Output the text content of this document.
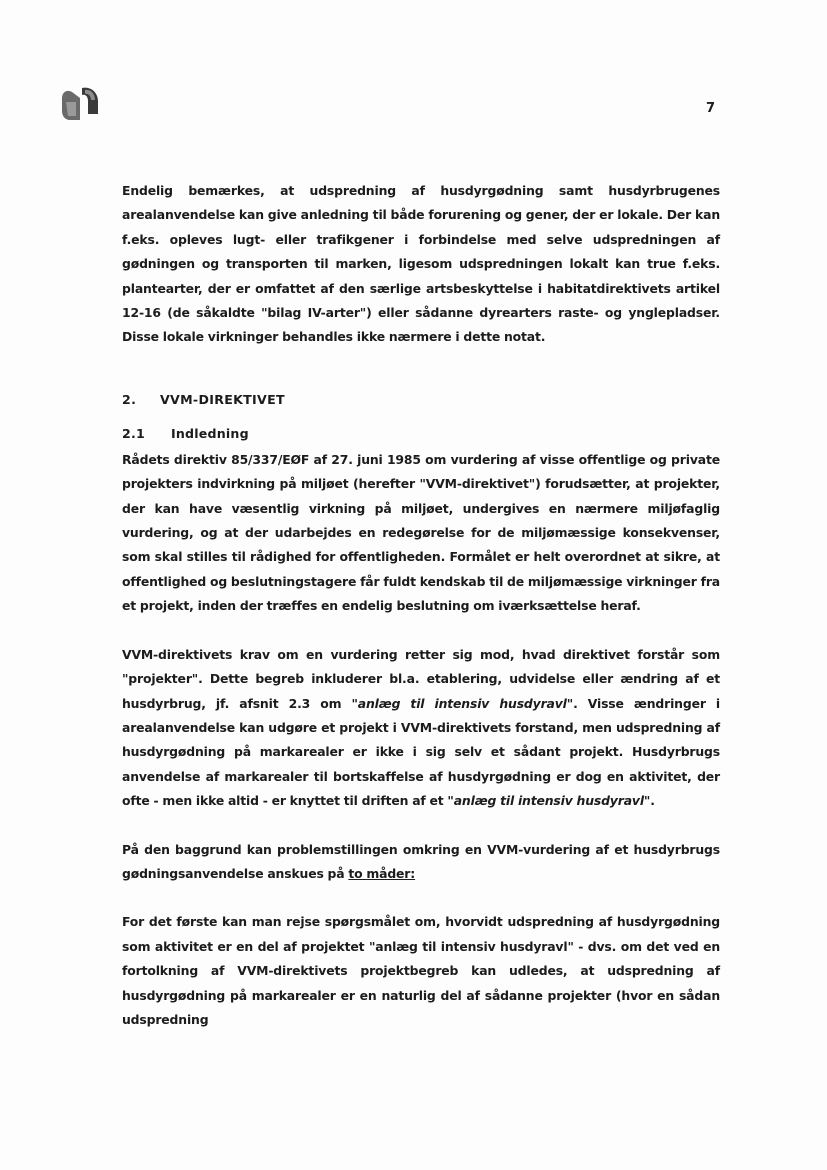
7

Endelig bemærkes, at udspredning af husdyrgødning samt husdyrbrugenes arealanvendelse kan give anledning til både forurening og gener, der er lokale. Der kan f.eks. opleves lugt- eller trafikgener i forbindelse med selve udspredningen af gødningen og transporten til marken, ligesom udspredningen lokalt kan true f.eks. plantearter, der er omfattet af den særlige artsbeskyttelse i habitatdirektivets artikel 12-16 (de såkaldte "bilag IV-arter") eller sådanne dyrearters raste- og ynglepladser. Disse lokale virkninger behandles ikke nærmere i dette notat.

2.	VVM-DIREKTIVET
2.1	Indledning

Rådets direktiv 85/337/EØF af 27. juni 1985 om vurdering af visse offentlige og private projekters indvirkning på miljøet (herefter "VVM-direktivet") forudsætter, at projekter, der kan have væsentlig virkning på miljøet, undergives en nærmere miljøfaglig vurdering, og at der udarbejdes en redegørelse for de miljømæssige konsekvenser, som skal stilles til rådighed for offentligheden. Formålet er helt overordnet at sikre, at offentlighed og beslutningstagere får fuldt kendskab til de miljømæssige virkninger fra et projekt, inden der træffes en endelig beslutning om iværksættelse heraf.

VVM-direktivets krav om en vurdering retter sig mod, hvad direktivet forstår som "projekter". Dette begreb inkluderer bl.a. etablering, udvidelse eller ændring af et husdyrbrug, jf. afsnit 2.3 om "anlæg til intensiv husdyravl". Visse ændringer i arealanvendelse kan udgøre et projekt i VVM-direktivets forstand, men udspredning af husdyrgødning på markarealer er ikke i sig selv et sådant projekt. Husdyrbrugs anvendelse af markarealer til bortskaffelse af husdyrgødning er dog en aktivitet, der ofte - men ikke altid - er knyttet til driften af et "anlæg til intensiv husdyravl".

På den baggrund kan problemstillingen omkring en VVM-vurdering af et husdyrbrugs gødningsanvendelse anskues på to måder:

For det første kan man rejse spørgsmålet om, hvorvidt udspredning af husdyrgødning som aktivitet er en del af projektet "anlæg til intensiv husdyravl" - dvs. om det ved en fortolkning af VVM-direktivets projektbegreb kan udledes, at udspredning af husdyrgødning på markarealer er en naturlig del af sådanne projekter (hvor en sådan udspredning
